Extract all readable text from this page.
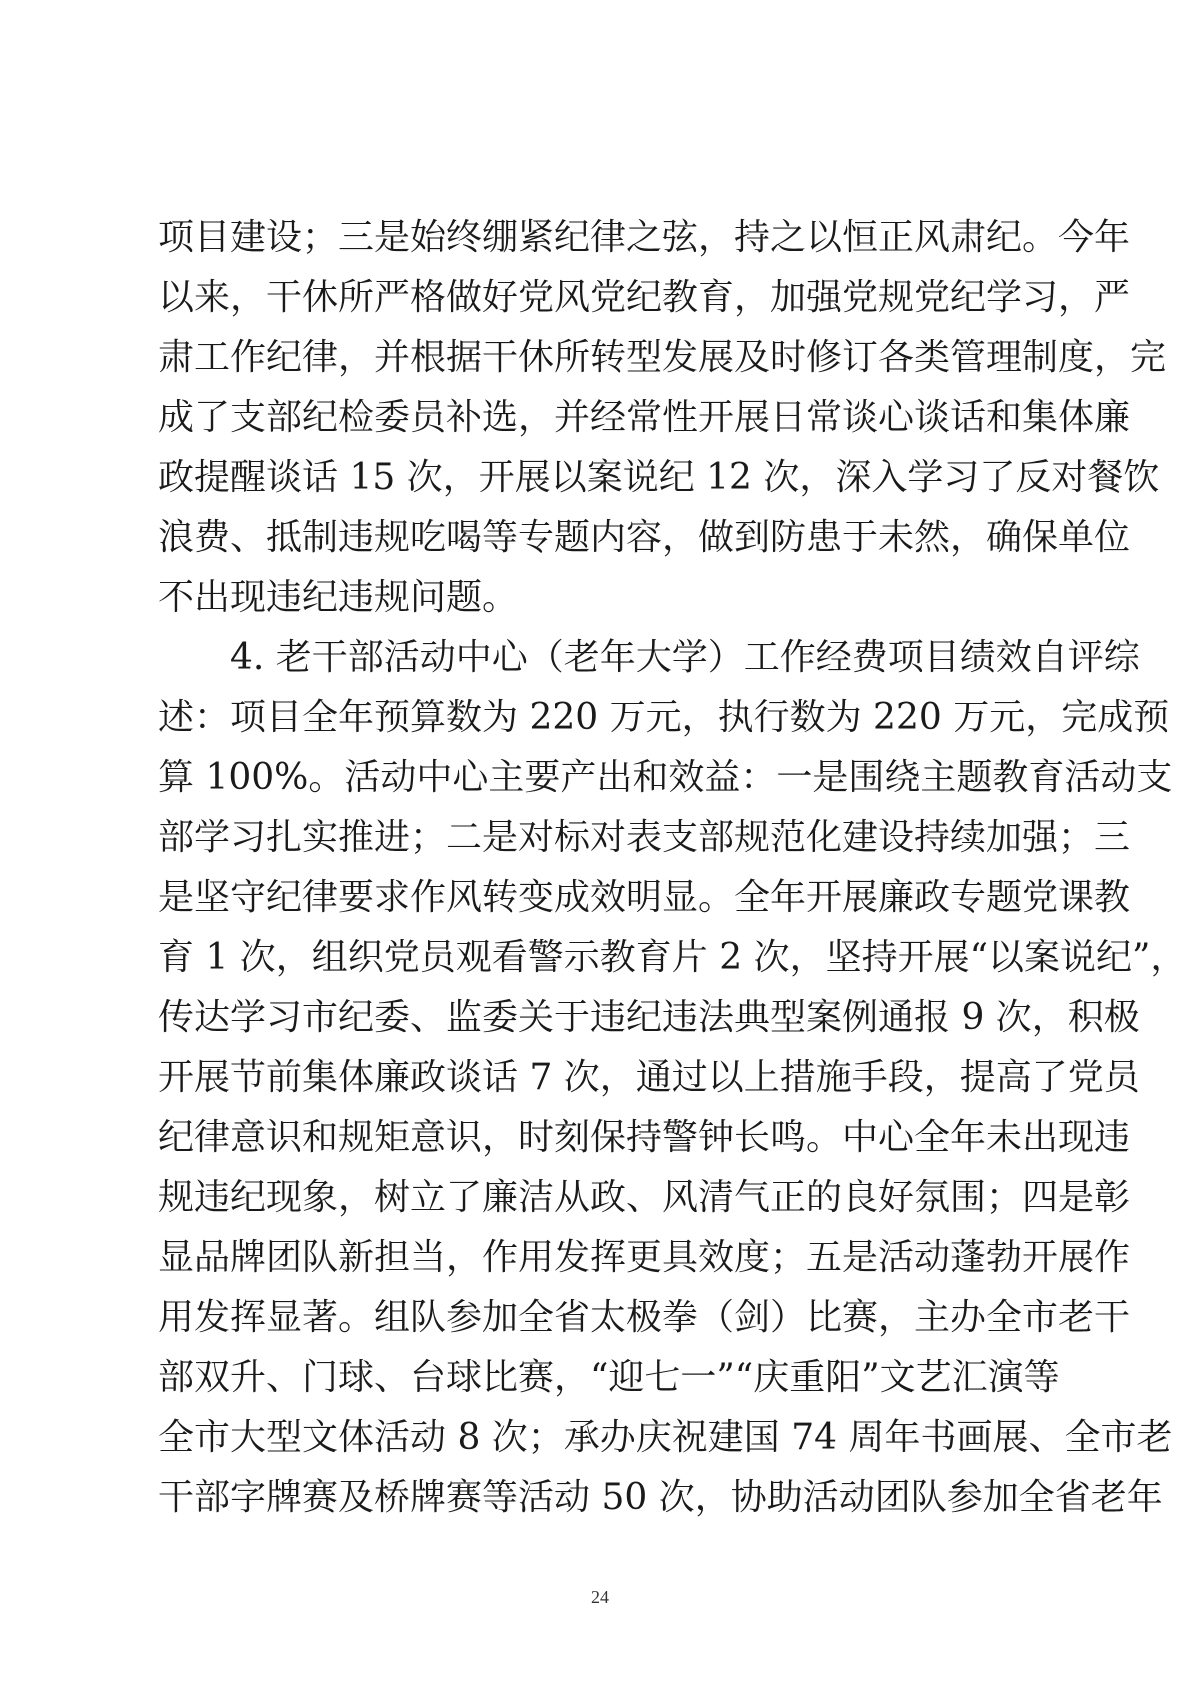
项目建设；三是始终绷紧纪律之弦，持之以恒正风肃纪。今年

以来，干休所严格做好党风党纪教育，加强党规党纪学习，严

肃工作纪律，并根据干休所转型发展及时修订各类管理制度，完

成了支部纪检委员补选，并经常性开展日常谈心谈话和集体廉

政提醒谈话 15 次，开展以案说纪 12 次，深入学习了反对餐饮

浪费、抵制违规吃喝等专题内容，做到防患于未然，确保单位

不出现违纪违规问题。

4. 老干部活动中心（老年大学）工作经费项目绩效自评综

述：项目全年预算数为 220 万元，执行数为 220 万元，完成预

算 100%。活动中心主要产出和效益：一是围绕主题教育活动支

部学习扎实推进；二是对标对表支部规范化建设持续加强；三

是坚守纪律要求作风转变成效明显。全年开展廉政专题党课教

育 1 次，组织党员观看警示教育片 2 次，坚持开展“以案说纪”，

传达学习市纪委、监委关于违纪违法典型案例通报 9 次，积极

开展节前集体廉政谈话 7 次，通过以上措施手段，提高了党员

纪律意识和规矩意识，时刻保持警钟长鸣。中心全年未出现违

规违纪现象，树立了廉洁从政、风清气正的良好氛围；四是彰

显品牌团队新担当，作用发挥更具效度；五是活动蓬勃开展作

用发挥显著。组队参加全省太极拳（剑）比赛，主办全市老干

部双升、门球、台球比赛，“迎七一”“庆重阳”文艺汇演等

全市大型文体活动 8 次；承办庆祝建国 74 周年书画展、全市老

干部字牌赛及桥牌赛等活动 50 次，协助活动团队参加全省老年

24
